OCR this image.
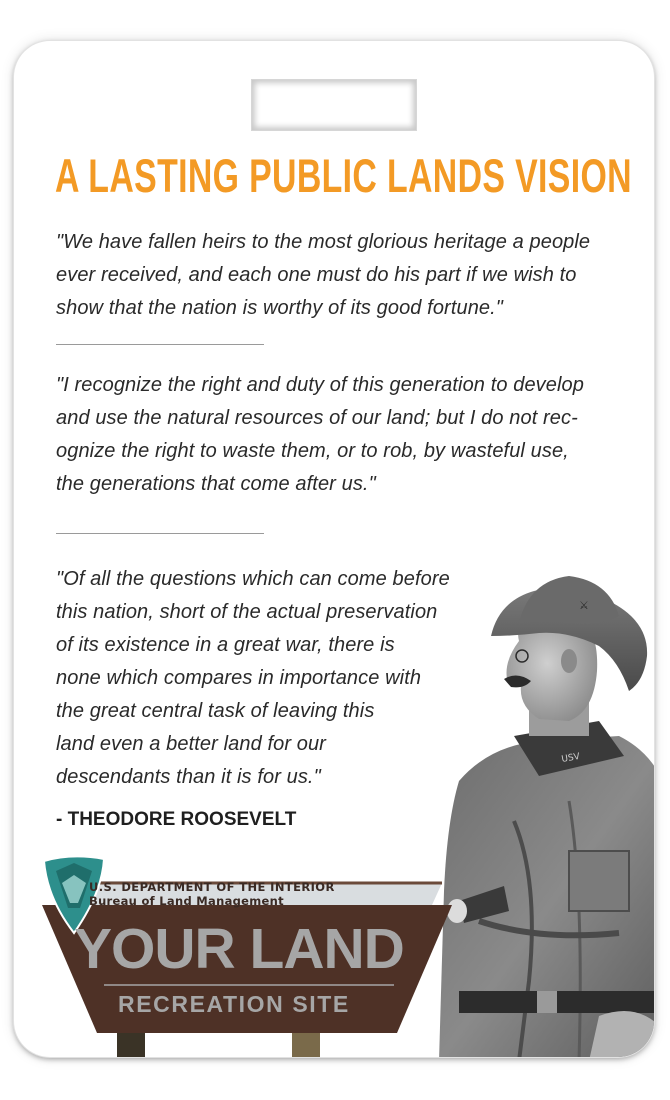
A LASTING PUBLIC LANDS VISION
"We have fallen heirs to the most glorious heritage a people
ever received, and each one must do his part if we wish to
show that the nation is worthy of its good fortune."
"I recognize the right and duty of this generation to develop
and use the natural resources of our land; but I do not rec-
ognize the right to waste them, or to rob, by wasteful use,
the generations that come after us."
"Of all the questions which can come before
this nation, short of the actual preservation
of its existence in a great war, there is
none which compares in importance with
the great central task of leaving this
land even a better land for our
descendants than it is for us."
- THEODORE ROOSEVELT
USV
⚔
U.S. DEPARTMENT OF THE INTERIOR
Bureau of Land Management
YOUR LAND
RECREATION SITE
